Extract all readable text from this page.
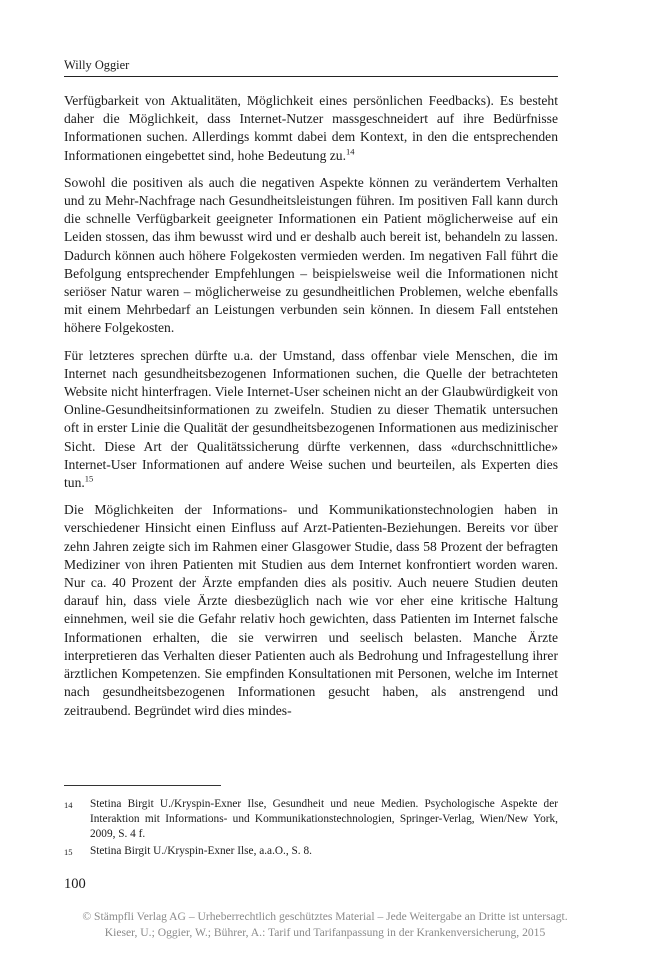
Willy Oggier

Verfügbarkeit von Aktualitäten, Möglichkeit eines persönlichen Feedbacks). Es besteht daher die Möglichkeit, dass Internet-Nutzer massgeschneidert auf ihre Bedürfnisse Informationen suchen. Allerdings kommt dabei dem Kontext, in den die entsprechenden Informationen eingebettet sind, hohe Bedeutung zu.$^{14}$

Sowohl die positiven als auch die negativen Aspekte können zu verändertem Verhalten und zu Mehr-Nachfrage nach Gesundheitsleistungen führen. Im positiven Fall kann durch die schnelle Verfügbarkeit geeigneter Informationen ein Patient möglicherweise auf ein Leiden stossen, das ihm bewusst wird und er deshalb auch bereit ist, behandeln zu lassen. Dadurch können auch höhere Folgekosten vermieden werden. Im negativen Fall führt die Befolgung entsprechender Empfehlungen – beispielsweise weil die Informationen nicht seriöser Natur waren – möglicherweise zu gesundheitlichen Problemen, welche ebenfalls mit einem Mehrbedarf an Leistungen verbunden sein können. In diesem Fall entstehen höhere Folgekosten.

Für letzteres sprechen dürfte u.a. der Umstand, dass offenbar viele Menschen, die im Internet nach gesundheitsbezogenen Informationen suchen, die Quelle der betrachteten Website nicht hinterfragen. Viele Internet-User scheinen nicht an der Glaubwürdigkeit von Online-Gesundheitsinformationen zu zweifeln. Studien zu dieser Thematik untersuchen oft in erster Linie die Qualität der gesundheitsbezogenen Informationen aus medizinischer Sicht. Diese Art der Qualitätssicherung dürfte verkennen, dass «durchschnittliche» Internet-User Informationen auf andere Weise suchen und beurteilen, als Experten dies tun.$^{15}$

Die Möglichkeiten der Informations- und Kommunikationstechnologien haben in verschiedener Hinsicht einen Einfluss auf Arzt-Patienten-Beziehungen. Bereits vor über zehn Jahren zeigte sich im Rahmen einer Glasgower Studie, dass 58 Prozent der befragten Mediziner von ihren Patienten mit Studien aus dem Internet konfrontiert worden waren. Nur ca. 40 Prozent der Ärzte empfanden dies als positiv. Auch neuere Studien deuten darauf hin, dass viele Ärzte diesbezüglich nach wie vor eher eine kritische Haltung einnehmen, weil sie die Gefahr relativ hoch gewichten, dass Patienten im Internet falsche Informationen erhalten, die sie verwirren und seelisch belasten. Manche Ärzte interpretieren das Verhalten dieser Patienten auch als Bedrohung und Infragestellung ihrer ärztlichen Kompetenzen. Sie empfinden Konsultationen mit Personen, welche im Internet nach gesundheitsbezogenen Informationen gesucht haben, als anstrengend und zeitraubend. Begründet wird dies mindes-

14	Stetina Birgit U./Kryspin-Exner Ilse, Gesundheit und neue Medien. Psychologische Aspekte der Interaktion mit Informations- und Kommunikationstechnologien, Springer-Verlag, Wien/New York, 2009, S. 4 f.
15	Stetina Birgit U./Kryspin-Exner Ilse, a.a.O., S. 8.
100
© Stämpfli Verlag AG – Urheberrechtlich geschütztes Material – Jede Weitergabe an Dritte ist untersagt.
Kieser, U.; Oggier, W.; Bührer, A.: Tarif und Tarifanpassung in der Krankenversicherung, 2015
